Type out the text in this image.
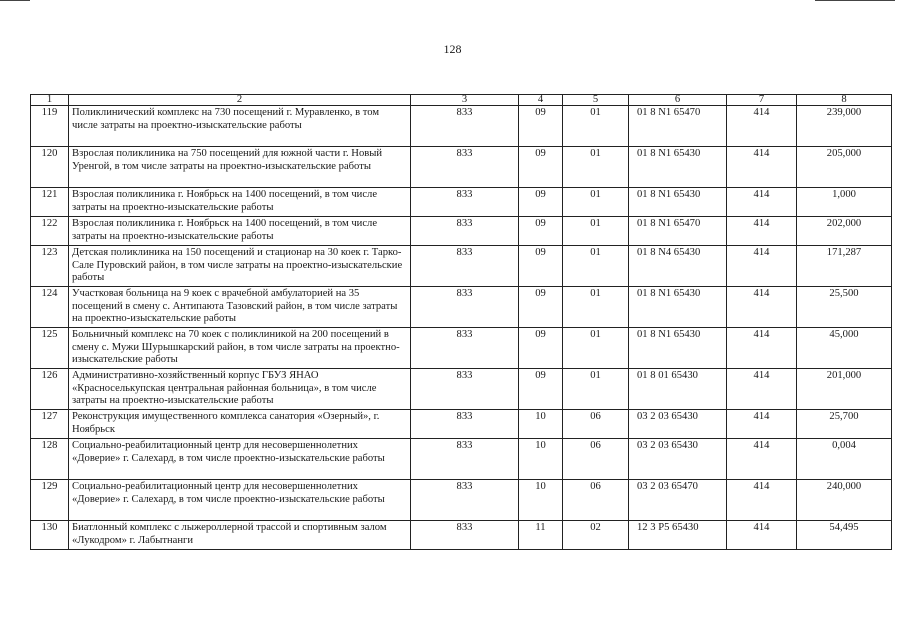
128
1	2	3	4	5	6	7	8
119	Поликлинический комплекс на 730 посещений г. Муравленко, в том числе затраты на проектно-изыскательские работы	833	09	01	01 8 N1 65470	414	239,000
120	Взрослая поликлиника на 750 посещений для южной части г. Новый Уренгой, в том числе затраты на проектно-изыскательские работы	833	09	01	01 8 N1 65430	414	205,000
121	Взрослая поликлиника г. Ноябрьск на 1400 посещений, в том числе затраты на проектно-изыскательские работы	833	09	01	01 8 N1 65430	414	1,000
122	Взрослая поликлиника г. Ноябрьск на 1400 посещений, в том числе затраты на проектно-изыскательские работы	833	09	01	01 8 N1 65470	414	202,000
123	Детская поликлиника на 150 посещений и стационар на 30 коек г. Тарко-Сале Пуровский район, в том числе затраты на проектно-изыскательские работы	833	09	01	01 8 N4 65430	414	171,287
124	Участковая больница на 9 коек с врачебной амбулаторией на 35 посещений в смену с. Антипаюта Тазовский район, в том числе затраты на проектно-изыскательские работы	833	09	01	01 8 N1 65430	414	25,500
125	Больничный комплекс на 70 коек с поликлиникой на 200 посещений в смену с. Мужи Шурышкарский район, в том числе затраты на проектно-изыскательские работы	833	09	01	01 8 N1 65430	414	45,000
126	Административно-хозяйственный корпус ГБУЗ ЯНАО «Красноселькупская центральная районная больница», в том числе затраты на проектно-изыскательские работы	833	09	01	01 8 01 65430	414	201,000
127	Реконструкция имущественного комплекса санатория «Озерный», г. Ноябрьск	833	10	06	03 2 03 65430	414	25,700
128	Социально-реабилитационный центр для несовершеннолетних «Доверие» г. Салехард, в том числе проектно-изыскательские работы	833	10	06	03 2 03 65430	414	0,004
129	Социально-реабилитационный центр для несовершеннолетних «Доверие» г. Салехард, в том числе проектно-изыскательские работы	833	10	06	03 2 03 65470	414	240,000
130	Биатлонный комплекс с лыжероллерной трассой и спортивным залом «Лукодром» г. Лабытнанги	833	11	02	12 3 P5 65430	414	54,495
